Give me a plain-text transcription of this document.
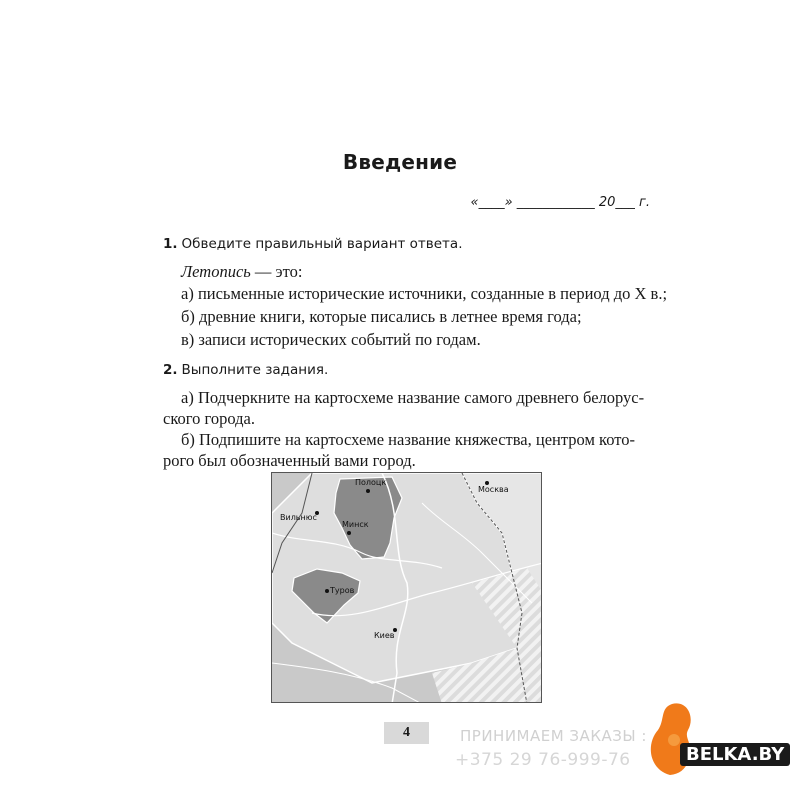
Введение
«____» ____________ 20___ г.
1. Обведите правильный вариант ответа.
Летопись — это:
а) письменные исторические источники, созданные в период до X в.;
б) древние книги, которые писались в летнее время года;
в) записи исторических событий по годам.
2. Выполните задания.
а) Подчеркните на картосхеме название самого древнего белорус-
ского города.
б) Подпишите на картосхеме название княжества, центром кото-
рого был обозначенный вами город.
Полоцк
Москва
Вильнюс
Минск
Туров
Киев
4	ПРИНИМАЕМ ЗАКАЗЫ :
+375 29 76-999-76	BELKA.BY
